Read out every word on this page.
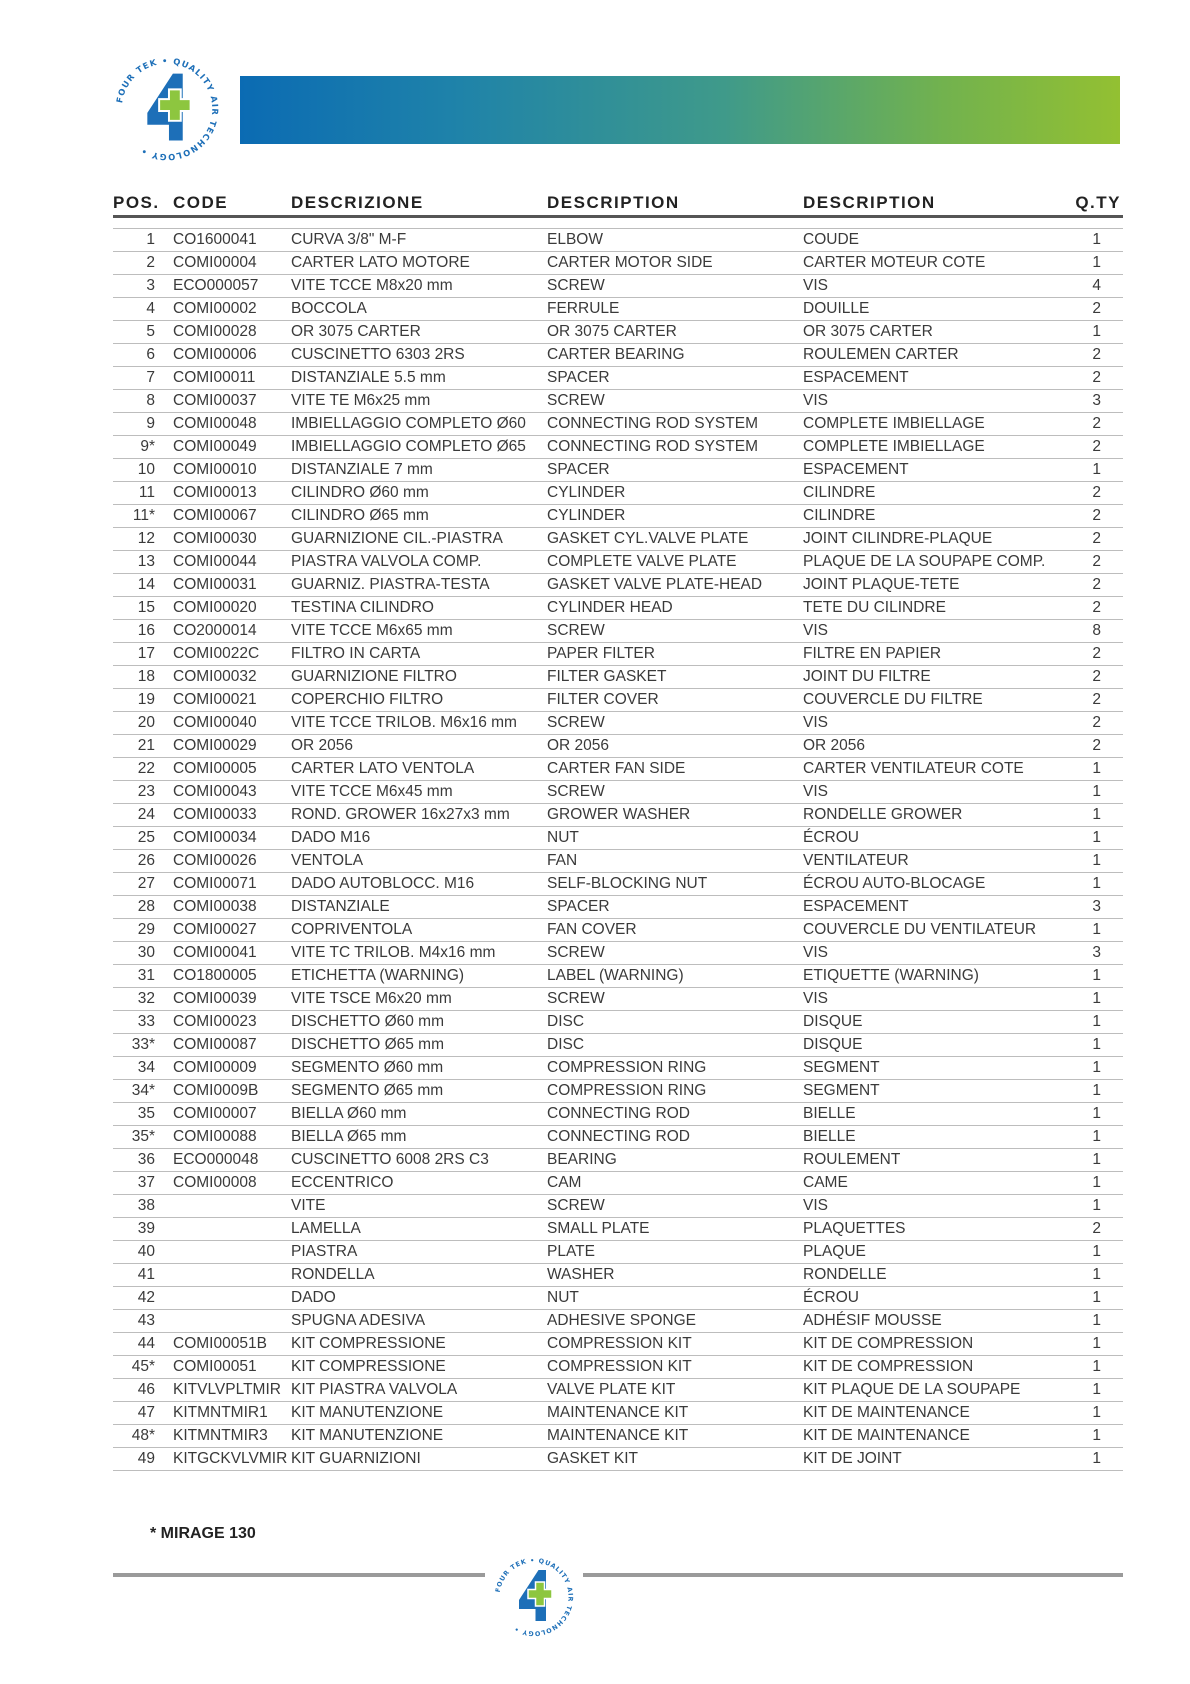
FOUR TEK • QUALITY AIR TECHNOLOGY •
POS.	CODE	DESCRIZIONE	DESCRIPTION	DESCRIPTION	Q.TY

1	CO1600041	CURVA 3/8" M-F	ELBOW	COUDE	1
2	COMI00004	CARTER LATO MOTORE	CARTER MOTOR SIDE	CARTER MOTEUR COTE	1
3	ECO000057	VITE TCCE M8x20 mm	SCREW	VIS	4
4	COMI00002	BOCCOLA	FERRULE	DOUILLE	2
5	COMI00028	OR 3075 CARTER	OR 3075 CARTER	OR 3075 CARTER	1
6	COMI00006	CUSCINETTO 6303 2RS	CARTER BEARING	ROULEMEN CARTER	2
7	COMI00011	DISTANZIALE 5.5 mm	SPACER	ESPACEMENT	2
8	COMI00037	VITE TE M6x25 mm	SCREW	VIS	3
9	COMI00048	IMBIELLAGGIO COMPLETO Ø60	CONNECTING ROD SYSTEM	COMPLETE IMBIELLAGE	2
9*	COMI00049	IMBIELLAGGIO COMPLETO Ø65	CONNECTING ROD SYSTEM	COMPLETE IMBIELLAGE	2
10	COMI00010	DISTANZIALE 7 mm	SPACER	ESPACEMENT	1
11	COMI00013	CILINDRO Ø60 mm	CYLINDER	CILINDRE	2
11*	COMI00067	CILINDRO Ø65 mm	CYLINDER	CILINDRE	2
12	COMI00030	GUARNIZIONE CIL.-PIASTRA	GASKET CYL.VALVE PLATE	JOINT CILINDRE-PLAQUE	2
13	COMI00044	PIASTRA VALVOLA COMP.	COMPLETE VALVE PLATE	PLAQUE DE LA SOUPAPE COMP.	2
14	COMI00031	GUARNIZ. PIASTRA-TESTA	GASKET VALVE PLATE-HEAD	JOINT PLAQUE-TETE	2
15	COMI00020	TESTINA CILINDRO	CYLINDER HEAD	TETE DU CILINDRE	2
16	CO2000014	VITE TCCE M6x65 mm	SCREW	VIS	8
17	COMI0022C	FILTRO IN CARTA	PAPER FILTER	FILTRE EN PAPIER	2
18	COMI00032	GUARNIZIONE FILTRO	FILTER GASKET	JOINT DU FILTRE	2
19	COMI00021	COPERCHIO FILTRO	FILTER COVER	COUVERCLE DU FILTRE	2
20	COMI00040	VITE TCCE TRILOB. M6x16 mm	SCREW	VIS	2
21	COMI00029	OR 2056	OR 2056	OR 2056	2
22	COMI00005	CARTER LATO VENTOLA	CARTER FAN SIDE	CARTER VENTILATEUR COTE	1
23	COMI00043	VITE TCCE M6x45 mm	SCREW	VIS	1
24	COMI00033	ROND. GROWER 16x27x3 mm	GROWER WASHER	RONDELLE GROWER	1
25	COMI00034	DADO M16	NUT	ÉCROU	1
26	COMI00026	VENTOLA	FAN	VENTILATEUR	1
27	COMI00071	DADO AUTOBLOCC. M16	SELF-BLOCKING NUT	ÉCROU AUTO-BLOCAGE	1
28	COMI00038	DISTANZIALE	SPACER	ESPACEMENT	3
29	COMI00027	COPRIVENTOLA	FAN COVER	COUVERCLE DU VENTILATEUR	1
30	COMI00041	VITE TC TRILOB. M4x16 mm	SCREW	VIS	3
31	CO1800005	ETICHETTA (WARNING)	LABEL (WARNING)	ETIQUETTE (WARNING)	1
32	COMI00039	VITE TSCE M6x20 mm	SCREW	VIS	1
33	COMI00023	DISCHETTO Ø60 mm	DISC	DISQUE	1
33*	COMI00087	DISCHETTO Ø65 mm	DISC	DISQUE	1
34	COMI00009	SEGMENTO Ø60 mm	COMPRESSION RING	SEGMENT	1
34*	COMI0009B	SEGMENTO Ø65 mm	COMPRESSION RING	SEGMENT	1
35	COMI00007	BIELLA Ø60 mm	CONNECTING ROD	BIELLE	1
35*	COMI00088	BIELLA Ø65 mm	CONNECTING ROD	BIELLE	1
36	ECO000048	CUSCINETTO 6008 2RS C3	BEARING	ROULEMENT	1
37	COMI00008	ECCENTRICO	CAM	CAME	1
38		VITE	SCREW	VIS	1
39		LAMELLA	SMALL PLATE	PLAQUETTES	2
40		PIASTRA	PLATE	PLAQUE	1
41		RONDELLA	WASHER	RONDELLE	1
42		DADO	NUT	ÉCROU	1
43		SPUGNA ADESIVA	ADHESIVE SPONGE	ADHÉSIF MOUSSE	1
44	COMI00051B	KIT COMPRESSIONE	COMPRESSION KIT	KIT DE COMPRESSION	1
45*	COMI00051	KIT COMPRESSIONE	COMPRESSION KIT	KIT DE COMPRESSION	1
46	KITVLVPLTMIR	KIT PIASTRA VALVOLA	VALVE PLATE KIT	KIT PLAQUE DE LA SOUPAPE	1
47	KITMNTMIR1	KIT MANUTENZIONE	MAINTENANCE KIT	KIT DE MAINTENANCE	1
48*	KITMNTMIR3	KIT MANUTENZIONE	MAINTENANCE KIT	KIT DE MAINTENANCE	1
49	KITGCKVLVMIR	KIT GUARNIZIONI	GASKET KIT	KIT DE JOINT	1
* MIRAGE 130
FOUR TEK • QUALITY AIR TECHNOLOGY •
